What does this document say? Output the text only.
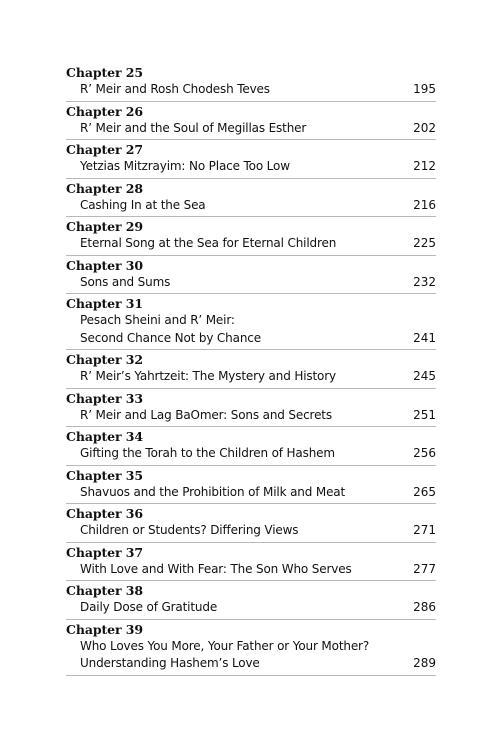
Chapter 25
R’ Meir and Rosh Chodesh Teves	195
Chapter 26
R’ Meir and the Soul of Megillas Esther	202
Chapter 27
Yetzias Mitzrayim: No Place Too Low	212
Chapter 28
Cashing In at the Sea	216
Chapter 29
Eternal Song at the Sea for Eternal Children	225
Chapter 30
Sons and Sums	232
Chapter 31
Pesach Sheini and R’ Meir:
Second Chance Not by Chance	241
Chapter 32
R’ Meir’s Yahrtzeit: The Mystery and History	245
Chapter 33
R’ Meir and Lag BaOmer: Sons and Secrets	251
Chapter 34
Gifting the Torah to the Children of Hashem	256
Chapter 35
Shavuos and the Prohibition of Milk and Meat	265
Chapter 36
Children or Students? Differing Views	271
Chapter 37
With Love and With Fear: The Son Who Serves	277
Chapter 38
Daily Dose of Gratitude	286
Chapter 39
Who Loves You More, Your Father or Your Mother?
Understanding Hashem’s Love	289
